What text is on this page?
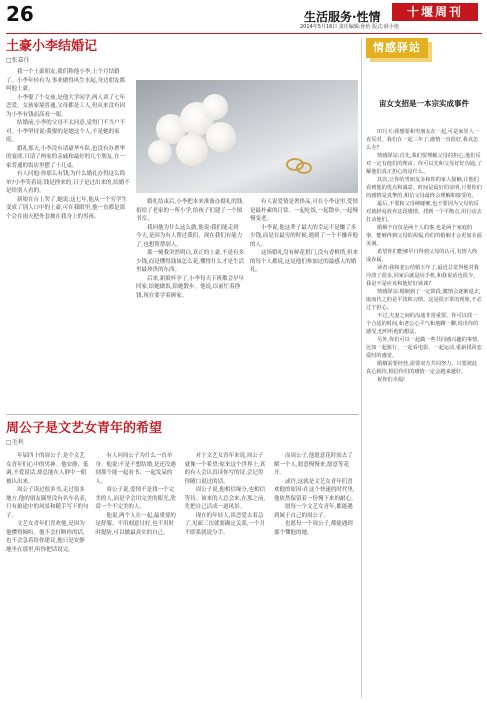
26	生活服务·性情	十堰周刊
2014年5月16日 责任编辑:孙怡 版式:薛小艳
土豪小李结婚记
□张嘉佳

我一个土豪朋友,我们称他小李,上个月结婚了。小李年轻有为,事业做得风生水起,身边朋友都叫他土豪。

小李娶了个女孩,是他大学同学,两人谈了七年恋爱。女孩家境普通,父母都是工人,但从来没有因为小李有钱而高看一眼。

结婚前,小李的父母不太同意,觉得门不当户不对。小李坚持说:我娶的是她这个人,不是她的家庭。

婚礼那天,小李没有请豪华车队,也没有办奢华的宴席,只请了两家的亲戚和最好的几个朋友,在一家普通的饭店里摆了十几桌。

有人问他:你那么有钱,为什么婚礼办得这么简单?小李笑着说:钱是挣来的,日子是过出来的,结婚不是给别人看的。

新娘在台上哭了,她说:这七年,他从一个穷学生变成了别人口中的土豪,可在我眼里,他一直都是那个会在雨天把外套披在我身上的男孩。

婚礼结束后,小李把本来准备办婚礼的钱,捐给了老家的一所小学,给孩子们建了一个图书室。

我问他为什么这么做,他说:我们能走到今天,是因为有人帮过我们。现在我们有能力了,也想帮帮别人。

那一刻我突然明白,真正的土豪,不是有多少钱,而是懂得钱该怎么花,懂得什么才是生活里最珍贵的东西。

后来,新娘怀孕了,小李每天下班都会早早回家,给她做饭,陪她散步。他说,以前忙着挣钱,现在要学着顾家。

有人说爱情是奢侈品,可在小李这里,爱情是最朴素的日常。一起吃饭,一起散步,一起慢慢变老。

小李说,他这辈子最大的幸运不是赚了多少钱,而是在最穷的时候,遇到了一个不嫌弃他的人。

这场婚礼没有鲜花拱门,没有香槟塔,但来的每个人都说,这是他们参加过的最感人的婚礼。

周公子是文艺女青年的希望
□毛利

年届四十的周公子,是个文艺女青年们心中的男神。他安静、低调,不爱说话,却总能在人群中一眼被认出来。

周公子读过很多书,走过很多地方,他的朋友圈里没有名车名表,只有旅途中的风景和随手写下的句子。

文艺女青年们喜欢他,是因为他懂得倾听。他不会打断你的话,也不会急着给你建议,他只是安静地坐在那里,听你把话说完。

有人问周公子为什么一直单身。他说:不是不想结婚,是还没遇到那个能一起看书、一起发呆的人。

周公子说,爱情不是找一个完美的人,而是学会用完美的眼光,欣赏一个不完美的人。

他说,两个人在一起,最重要的是舒服。不用刻意讨好,也不用时时提防,可以做最真实的自己。

对于文艺女青年来说,周公子就像一个希望:原来这个世界上,真的有人会认真读你写的诗,会记得你随口说过的话。

周公子说,他相信缘分,也相信等待。该来的人总会来,在那之前,先把自己活成一道风景。

现在的年轻人,谈恋爱太着急了,见面三次就要确定关系,一个月不联系就说分手。

而周公子,他愿意花时间去了解一个人,愿意慢慢来,愿意等花开。

或许,这就是文艺女青年们喜欢他的原因:在这个快速的时代里,他依然保留着一份慢下来的耐心。

愿每一个文艺女青年,都能遇到属于自己的周公子。

也愿每一个周公子,都能遇到那个懂他的她。

情感驿站
宙女支招是一本宗实成事件

田月天:我想要和男朋友在一起,可是家里人一直反对。我们在一起三年了,感情一直很好,我该怎么办?

情感驿站:首先,我们要理解父母的担心,他们反对一定有他们的理由。你可以先和父母好好沟通,了解他们真正担心的是什么。

其次,让你的男朋友多和你的家人接触,让他们看到他的优点和诚意。时间是最好的证明,只要你们的感情是真挚的,相信父母最终会理解和接受的。

最后,不要和父母硬碰硬,也不要因为父母的反对就轻易放弃这段感情。找到一个平衡点,用行动去打动他们。

婚姻不仅仅是两个人的事,也是两个家庭的事。能够得到父母的祝福,你们的婚姻才会更加幸福美满。

希望你们能够早日得到父母的认可,有情人终成眷属。

读者:我和老公结婚五年了,最近总觉得他对我冷淡了很多,回家后就是玩手机,和我说话也很少。我是不是应该和他好好谈谈?

情感驿站:婚姻到了一定阶段,激情会逐渐退去,取而代之的是平淡和习惯。这是很正常的现象,不必过于担心。

不过,夫妻之间的沟通非常重要。你可以找一个合适的时间,和老公心平气和地聊一聊,说出你的感受,也听听他的想法。

另外,你们可以一起做一些共同感兴趣的事情,比如一起旅行、一起看电影、一起运动,重新找回恋爱时的感觉。

婚姻需要经营,需要双方共同努力。只要彼此真心相待,相信你们的感情一定会越来越好。

祝你们幸福!
